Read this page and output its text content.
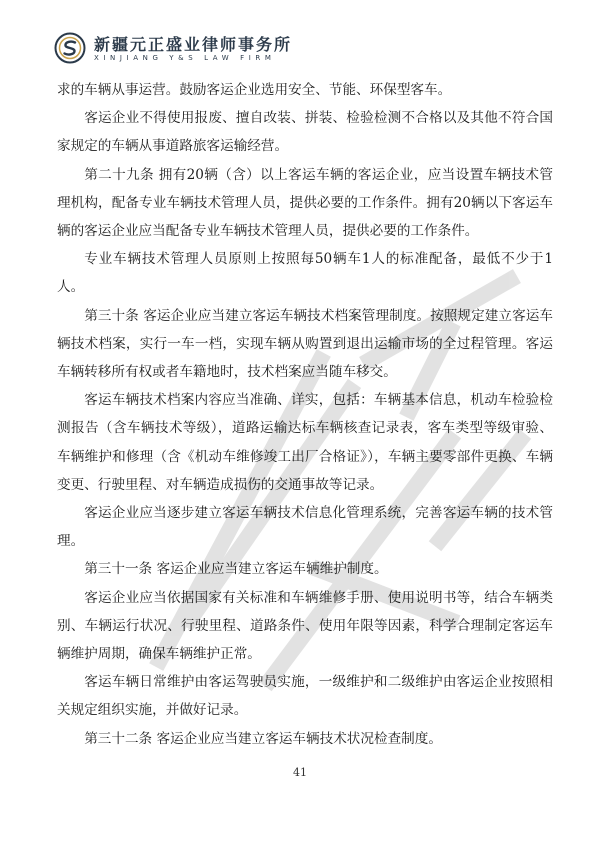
新疆元正盛业律师事务所
XINJIANG Y&S LAW FIRM

求的车辆从事运营。鼓励客运企业选用安全、节能、环保型客车。

客运企业不得使用报废、擅自改装、拼装、检验检测不合格以及其他不符合国家规定的车辆从事道路旅客运输经营。

第二十九条 拥有20辆（含）以上客运车辆的客运企业，应当设置车辆技术管理机构，配备专业车辆技术管理人员，提供必要的工作条件。拥有20辆以下客运车辆的客运企业应当配备专业车辆技术管理人员，提供必要的工作条件。

专业车辆技术管理人员原则上按照每50辆车1人的标准配备，最低不少于1人。

第三十条 客运企业应当建立客运车辆技术档案管理制度。按照规定建立客运车辆技术档案，实行一车一档，实现车辆从购置到退出运输市场的全过程管理。客运车辆转移所有权或者车籍地时，技术档案应当随车移交。

客运车辆技术档案内容应当准确、详实，包括：车辆基本信息，机动车检验检测报告（含车辆技术等级），道路运输达标车辆核查记录表，客车类型等级审验、车辆维护和修理（含《机动车维修竣工出厂合格证》），车辆主要零部件更换、车辆变更、行驶里程、对车辆造成损伤的交通事故等记录。

客运企业应当逐步建立客运车辆技术信息化管理系统，完善客运车辆的技术管理。

第三十一条 客运企业应当建立客运车辆维护制度。

客运企业应当依据国家有关标准和车辆维修手册、使用说明书等，结合车辆类别、车辆运行状况、行驶里程、道路条件、使用年限等因素，科学合理制定客运车辆维护周期，确保车辆维护正常。

客运车辆日常维护由客运驾驶员实施，一级维护和二级维护由客运企业按照相关规定组织实施，并做好记录。

第三十二条 客运企业应当建立客运车辆技术状况检查制度。

41
